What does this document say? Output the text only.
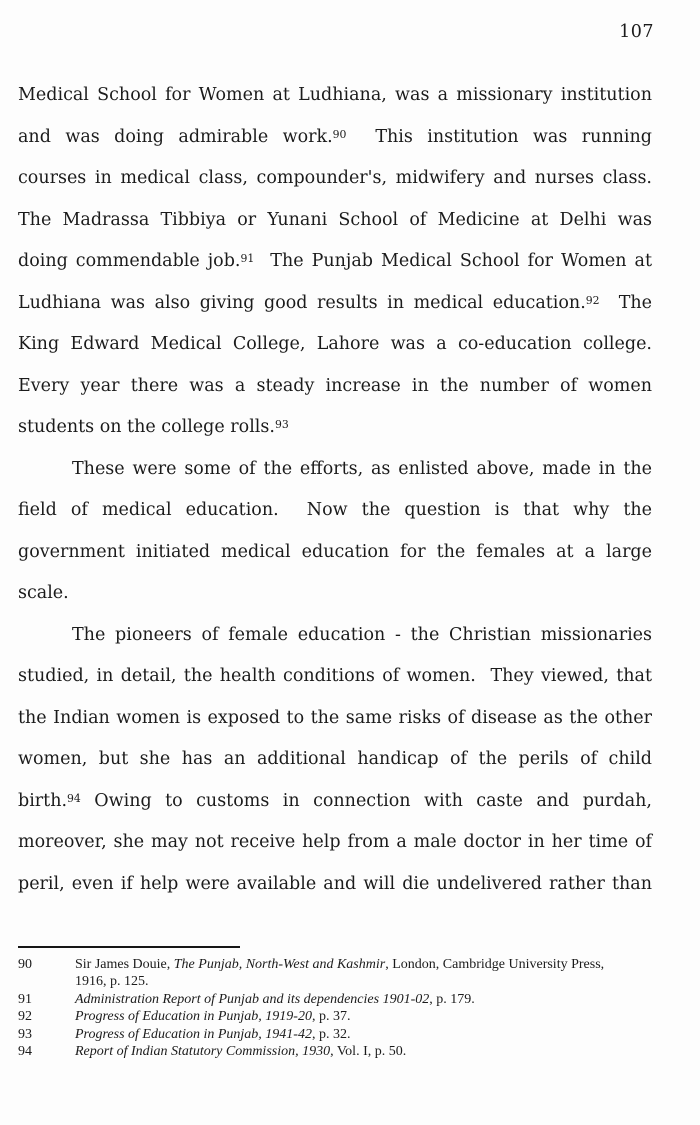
107
Medical School for Women at Ludhiana, was a missionary institution
and was doing admirable work.$^{90}$  This institution was running
courses in medical class, compounder's, midwifery and nurses class.
The Madrassa Tibbiya or Yunani School of Medicine at Delhi was
doing commendable job.$^{91}$  The Punjab Medical School for Women at
Ludhiana was also giving good results in medical education.$^{92}$  The
King Edward Medical College, Lahore was a co-education college.
Every year there was a steady increase in the number of women
students on the college rolls.$^{93}$
These were some of the efforts, as enlisted above, made in the
field of medical education.  Now the question is that why the
government initiated medical education for the females at a large
scale.
The pioneers of female education - the Christian missionaries
studied, in detail, the health conditions of women.  They viewed, that
the Indian women is exposed to the same risks of disease as the other
women, but she has an additional handicap of the perils of child
birth.$^{94}$ Owing to customs in connection with caste and purdah,
moreover, she may not receive help from a male doctor in her time of
peril, even if help were available and will die undelivered rather than
90	Sir James Douie, The Punjab, North-West and Kashmir, London, Cambridge University Press,
1916, p. 125.
91	Administration Report of Punjab and its dependencies 1901-02, p. 179.
92	Progress of Education in Punjab, 1919-20, p. 37.
93	Progress of Education in Punjab, 1941-42, p. 32.
94	Report of Indian Statutory Commission, 1930, Vol. I, p. 50.
